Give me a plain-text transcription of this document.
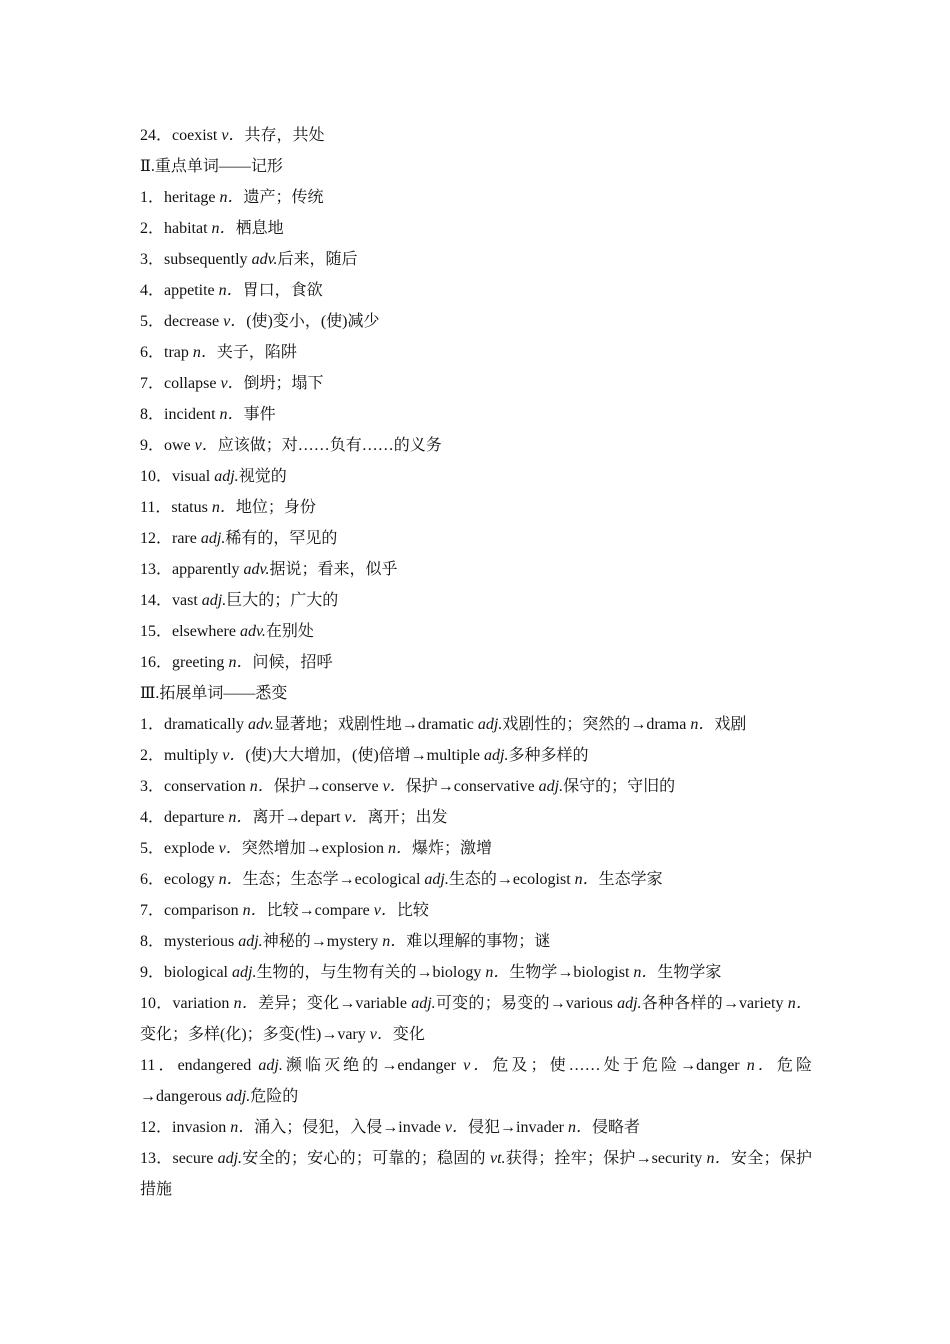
24．coexist v．共存，共处
Ⅱ.重点单词——记形
1．heritage n．遗产；传统
2．habitat n．栖息地
3．subsequently adv.后来，随后
4．appetite n．胃口，食欲
5．decrease v．(使)变小，(使)减少
6．trap n．夹子，陷阱
7．collapse v．倒坍；塌下
8．incident n．事件
9．owe v．应该做；对……负有……的义务
10．visual adj.视觉的
11．status n．地位；身份
12．rare adj.稀有的，罕见的
13．apparently adv.据说；看来，似乎
14．vast adj.巨大的；广大的
15．elsewhere adv.在别处
16．greeting n．问候，招呼
Ⅲ.拓展单词——悉变
1．dramatically adv.显著地；戏剧性地→dramatic adj.戏剧性的；突然的→drama n．戏剧
2．multiply v．(使)大大增加，(使)倍增→multiple adj.多种多样的
3．conservation n．保护→conserve v．保护→conservative adj.保守的；守旧的
4．departure n．离开→depart v．离开；出发
5．explode v．突然增加→explosion n．爆炸；激增
6．ecology n．生态；生态学→ecological adj.生态的→ecologist n．生态学家
7．comparison n．比较→compare v．比较
8．mysterious adj.神秘的→mystery n．难以理解的事物；谜
9．biological adj.生物的，与生物有关的→biology n．生物学→biologist n．生物学家
10．variation n．差异；变化→variable adj.可变的；易变的→various adj.各种各样的→variety n．变化；多样(化)；多变(性)→vary v．变化
11．endangered adj.濒临灭绝的→endanger v．危及；使……处于危险→danger n．危险→dangerous adj.危险的
12．invasion n．涌入；侵犯，入侵→invade v．侵犯→invader n．侵略者
13．secure adj.安全的；安心的；可靠的；稳固的 vt.获得；拴牢；保护→security n．安全；保护措施
